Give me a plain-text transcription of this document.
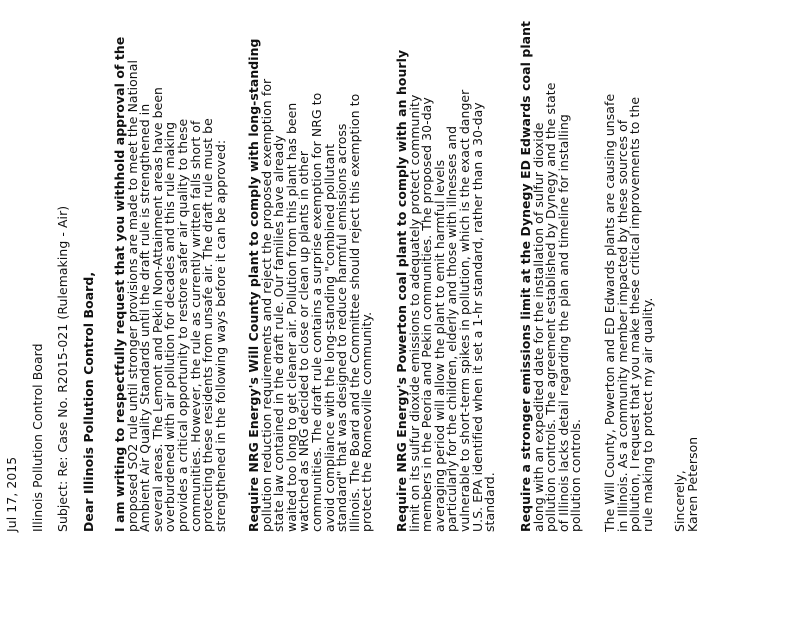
Jul 17, 2015 Illinois Pollution Control Board Subject: Re: Case No. R2015-021 (Rulemaking - Air) Dear Illinois Pollution Control Board, I am writing to respectfully request that you withhold approval of the
proposed SO2 rule until stronger provisions are made to meet the National
Ambient Air Quality Standards until the draft rule is strengthened in
several areas. The Lemont and Pekin Non-Attainment areas have been
overburdened with air pollution for decades and this rule making
provides a critical opportunity to restore safer air quality to these
communities. However, the rule as currently written falls short of
protecting these residents from unsafe air. The draft rule must be
strengthened in the following ways before it can be approved: Require NRG Energy's Will County plant to comply with long-standing
pollution reduction requirements and reject the proposed exemption for
state law contained in the draft rule. Our families have already
waited too long to get cleaner air. Pollution from this plant has been
watched as NRG decided to close or clean up plants in other
communities. The draft rule contains a surprise exemption for NRG to
avoid compliance with the long-standing "combined pollutant
standard" that was designed to reduce harmful emissions across
Illinois. The Board and the Committee should reject this exemption to
protect the Romeoville community. Require NRG Energy's Powerton coal plant to comply with an hourly
limit on its sulfur dioxide emissions to adequately protect community
members in the Peoria and Pekin communities. The proposed 30-day
averaging period will allow the plant to emit harmful levels
particularly for the children, elderly and those with illnesses and
vulnerable to short-term spikes in pollution, which is the exact danger
U.S. EPA identified when it set a 1-hr standard, rather than a 30-day
standard. Require a stronger emissions limit at the Dynegy ED Edwards coal plant
along with an expedited date for the installation of sulfur dioxide
pollution controls. The agreement established by Dynegy and the state
of Illinois lacks detail regarding the plan and timeline for installing
pollution controls. The Will County, Powerton and ED Edwards plants are causing unsafe
in Illinois. As a community member impacted by these sources of
pollution, I request that you make these critical improvements to the
rule making to protect my air quality. Sincerely,
Karen Peterson
